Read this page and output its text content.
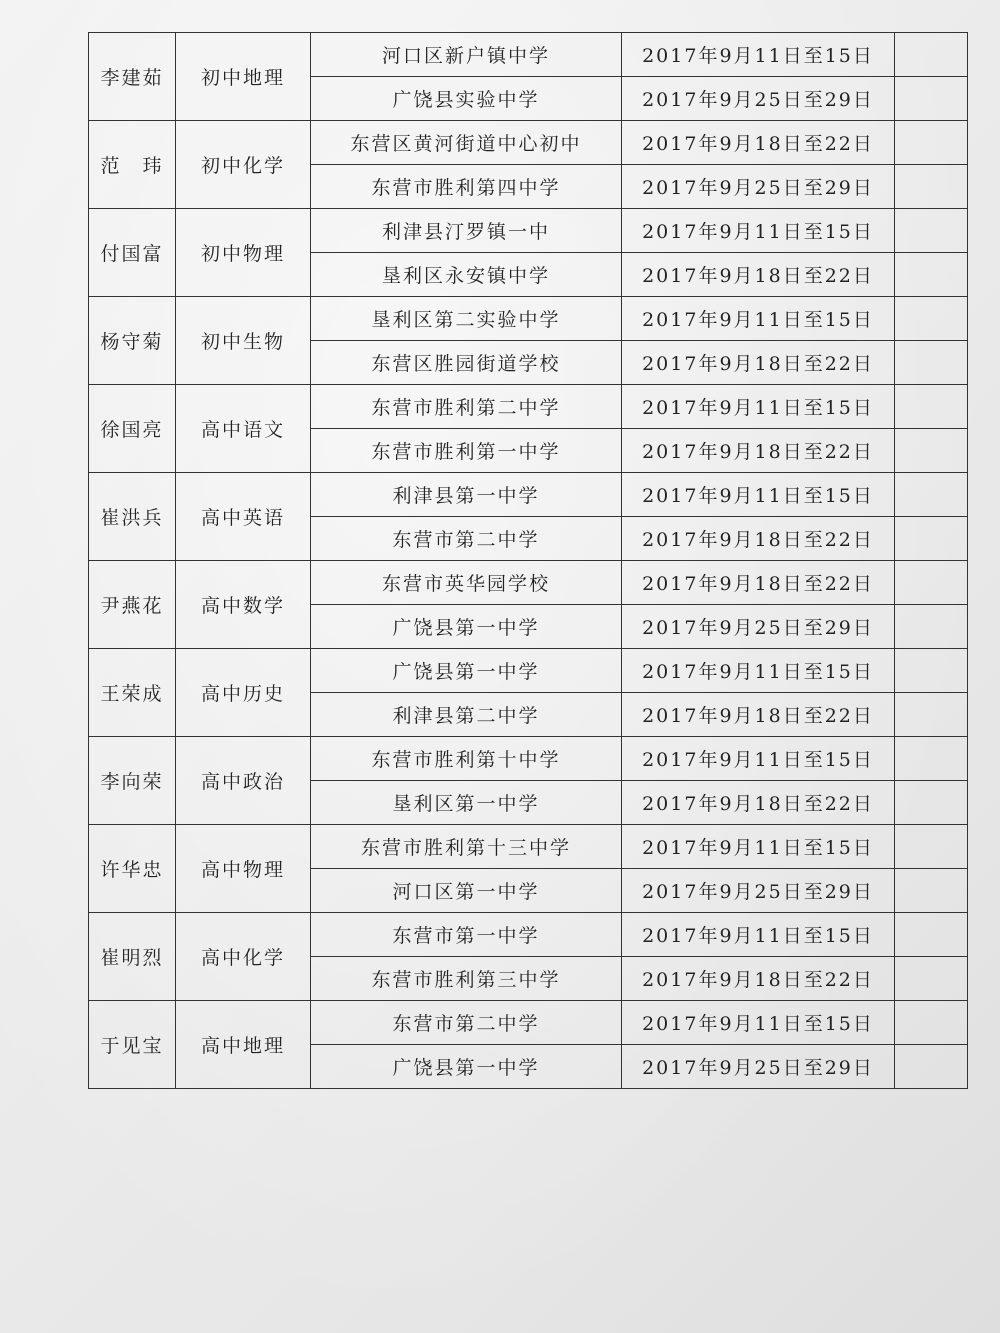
李建茹	初中地理	河口区新户镇中学	2017年9月11日至15日	
		广饶县实验中学	2017年9月25日至29日	
范　玮	初中化学	东营区黄河街道中心初中	2017年9月18日至22日	
		东营市胜利第四中学	2017年9月25日至29日	
付国富	初中物理	利津县汀罗镇一中	2017年9月11日至15日	
		垦利区永安镇中学	2017年9月18日至22日	
杨守菊	初中生物	垦利区第二实验中学	2017年9月11日至15日	
		东营区胜园街道学校	2017年9月18日至22日	
徐国亮	高中语文	东营市胜利第二中学	2017年9月11日至15日	
		东营市胜利第一中学	2017年9月18日至22日	
崔洪兵	高中英语	利津县第一中学	2017年9月11日至15日	
		东营市第二中学	2017年9月18日至22日	
尹燕花	高中数学	东营市英华园学校	2017年9月18日至22日	
		广饶县第一中学	2017年9月25日至29日	
王荣成	高中历史	广饶县第一中学	2017年9月11日至15日	
		利津县第二中学	2017年9月18日至22日	
李向荣	高中政治	东营市胜利第十中学	2017年9月11日至15日	
		垦利区第一中学	2017年9月18日至22日	
许华忠	高中物理	东营市胜利第十三中学	2017年9月11日至15日	
		河口区第一中学	2017年9月25日至29日	
崔明烈	高中化学	东营市第一中学	2017年9月11日至15日	
		东营市胜利第三中学	2017年9月18日至22日	
于见宝	高中地理	东营市第二中学	2017年9月11日至15日	
		广饶县第一中学	2017年9月25日至29日	
